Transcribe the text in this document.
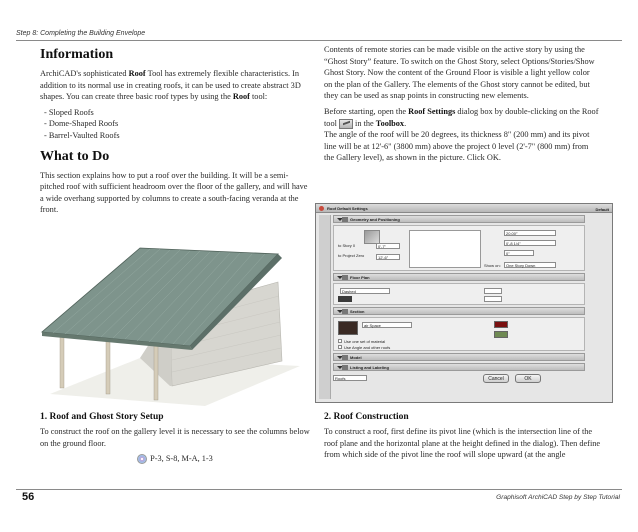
Step 8: Completing the Building Envelope
Information

ArchiCAD's sophisticated Roof Tool has extremely flexible characteristics. In addition to its normal use in creating roofs, it can be used to create abstract 3D shapes. You can create three basic roof types by using the Roof tool:

- Sloped Roofs
- Dome-Shaped Roofs
- Barrel-Vaulted Roofs
What to Do

This section explains how to put a roof over the building. It will be a semi-pitched roof with sufficient headroom over the floor of the gallery, and will have a wide overhang supported by columns to create a south-facing veranda at the front.

1. Roof and Ghost Story Setup

To construct the roof on the gallery level it is necessary to see the columns below on the ground floor.

P-3, S-8, M-A, 1-3

Contents of remote stories can be made visible on the active story by using the “Ghost Story” feature. To switch on the Ghost Story, select Options/Stories/Show Ghost Story. Now the content of the Ground Floor is visible a light yellow color on the plan of the Gallery. The elements of the Ghost story cannot be edited, but they can be used as snap points in constructing new elements.

Before starting, open the Roof Settings dialog box by double-clicking on the Roof tool  in the Toolbox.
The angle of the roof will be 20 degrees, its thickness 8" (200 mm) and its pivot line will be at 12'-6" (3800 mm) above the project 0 level (2'-7" (800 mm) from the Gallery level), as shown in the picture. Click OK.

Roof Default Settings	Default
Geometry and Positioning
to Story 0
to Project Zero
0'-7"
12'-6"
20.00°
0'-8 1/4"
0"
Show on:	One Story Down
Floor Plan
Dashed
Section
air Space
Use one set of material
Use Angle and other roofs
Model
Listing and Labeling
Roofs	Cancel	OK
2. Roof Construction

To construct a roof, first define its pivot line (which is the intersection line of the roof plane and the horizontal plane at the height defined in the dialog). Then define from which side of the pivot line the roof will slope upward (at the angle

56	Graphisoft ArchiCAD Step by Step Tutorial
